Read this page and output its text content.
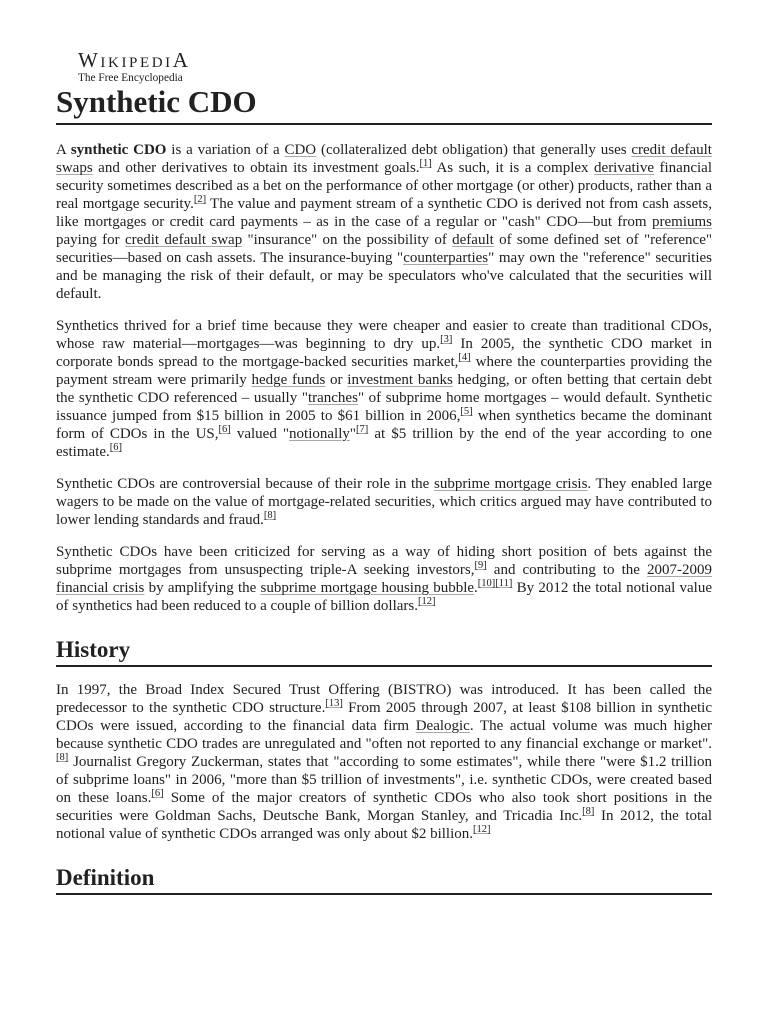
WikipediA
The Free Encyclopedia
Synthetic CDO

A synthetic CDO is a variation of a CDO (collateralized debt obligation) that generally uses credit default swaps and other derivatives to obtain its investment goals.[1] As such, it is a complex derivative financial security sometimes described as a bet on the performance of other mortgage (or other) products, rather than a real mortgage security.[2] The value and payment stream of a synthetic CDO is derived not from cash assets, like mortgages or credit card payments – as in the case of a regular or "cash" CDO—but from premiums paying for credit default swap "insurance" on the possibility of default of some defined set of "reference" securities—based on cash assets. The insurance-buying "counterparties" may own the "reference" securities and be managing the risk of their default, or may be speculators who've calculated that the securities will default.

Synthetics thrived for a brief time because they were cheaper and easier to create than traditional CDOs, whose raw material—mortgages—was beginning to dry up.[3] In 2005, the synthetic CDO market in corporate bonds spread to the mortgage-backed securities market,[4] where the counterparties providing the payment stream were primarily hedge funds or investment banks hedging, or often betting that certain debt the synthetic CDO referenced – usually "tranches" of subprime home mortgages – would default. Synthetic issuance jumped from $15 billion in 2005 to $61 billion in 2006,[5] when synthetics became the dominant form of CDOs in the US,[6] valued "notionally"[7] at $5 trillion by the end of the year according to one estimate.[6]

Synthetic CDOs are controversial because of their role in the subprime mortgage crisis. They enabled large wagers to be made on the value of mortgage-related securities, which critics argued may have contributed to lower lending standards and fraud.[8]

Synthetic CDOs have been criticized for serving as a way of hiding short position of bets against the subprime mortgages from unsuspecting triple-A seeking investors,[9] and contributing to the 2007-2009 financial crisis by amplifying the subprime mortgage housing bubble.[10][11] By 2012 the total notional value of synthetics had been reduced to a couple of billion dollars.[12]

History

In 1997, the Broad Index Secured Trust Offering (BISTRO) was introduced. It has been called the predecessor to the synthetic CDO structure.[13] From 2005 through 2007, at least $108 billion in synthetic CDOs were issued, according to the financial data firm Dealogic. The actual volume was much higher because synthetic CDO trades are unregulated and "often not reported to any financial exchange or market".[8] Journalist Gregory Zuckerman, states that "according to some estimates", while there "were $1.2 trillion of subprime loans" in 2006, "more than $5 trillion of investments", i.e. synthetic CDOs, were created based on these loans.[6] Some of the major creators of synthetic CDOs who also took short positions in the securities were Goldman Sachs, Deutsche Bank, Morgan Stanley, and Tricadia Inc.[8] In 2012, the total notional value of synthetic CDOs arranged was only about $2 billion.[12]

Definition
